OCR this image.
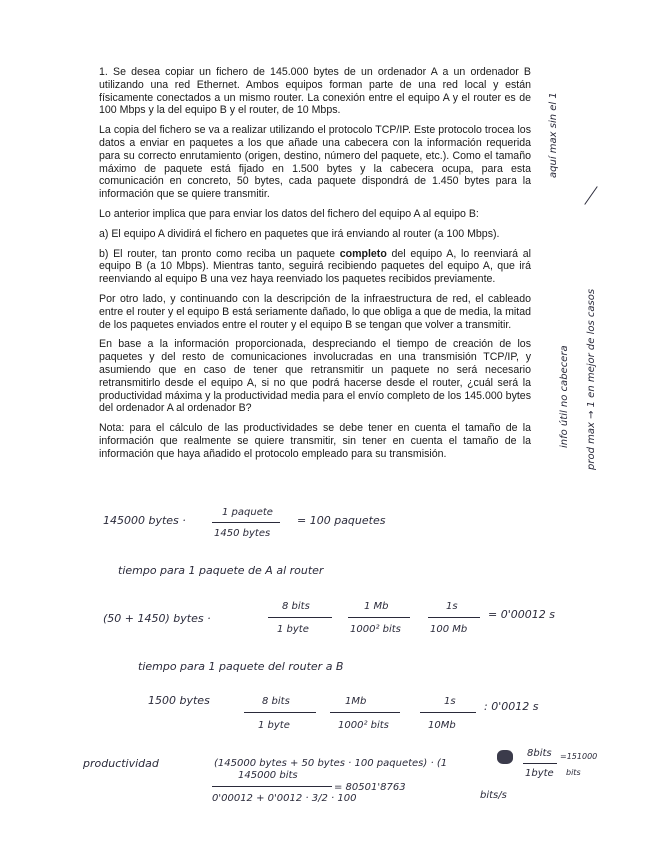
1. Se desea copiar un fichero de 145.000 bytes de un ordenador A a un ordenador B utilizando una red Ethernet. Ambos equipos forman parte de una red local y están físicamente conectados a un mismo router. La conexión entre el equipo A y el router es de 100 Mbps y la del equipo B y el router, de 10 Mbps.

La copia del fichero se va a realizar utilizando el protocolo TCP/IP. Este protocolo trocea los datos a enviar en paquetes a los que añade una cabecera con la información requerida para su correcto enrutamiento (origen, destino, número del paquete, etc.). Como el tamaño máximo de paquete está fijado en 1.500 bytes y la cabecera ocupa, para esta comunicación en concreto, 50 bytes, cada paquete dispondrá de 1.450 bytes para la información que se quiere transmitir.

Lo anterior implica que para enviar los datos del fichero del equipo A al equipo B:

a) El equipo A dividirá el fichero en paquetes que irá enviando al router (a 100 Mbps).

b) El router, tan pronto como reciba un paquete completo del equipo A, lo reenviará al equipo B (a 10 Mbps). Mientras tanto, seguirá recibiendo paquetes del equipo A, que irá reenviando al equipo B una vez haya reenviado los paquetes recibidos previamente.

Por otro lado, y continuando con la descripción de la infraestructura de red, el cableado entre el router y el equipo B está seriamente dañado, lo que obliga a que de media, la mitad de los paquetes enviados entre el router y el equipo B se tengan que volver a transmitir.

En base a la información proporcionada, despreciando el tiempo de creación de los paquetes y del resto de comunicaciones involucradas en una transmisión TCP/IP, y asumiendo que en caso de tener que retransmitir un paquete no será necesario retransmitirlo desde el equipo A, si no que podrá hacerse desde el router, ¿cuál será la productividad máxima y la productividad media para el envío completo de los 145.000 bytes del ordenador A al ordenador B?

Nota: para el cálculo de las productividades se debe tener en cuenta el tamaño de la información que realmente se quiere transmitir, sin tener en cuenta el tamaño de la información que haya añadido el protocolo empleado para su transmisión.

aquí max sin el 1
info útil no cabecera prod max → 1 en mejor de los casos
145000 bytes ·
1 paquete
1450 bytes
= 100 paquetes
tiempo para 1 paquete de A al router
(50 + 1450) bytes ·
8 bits
1 byte
1 Mb
1000² bits
1s
100 Mb
= 0'00012 s
tiempo para 1 paquete del router a B
1500 bytes	8 bits
1 byte
1Mb
1000² bits
1s
10Mb
: 0'0012 s
productividad	(145000 bytes + 50 bytes · 100 paquetes) · (1
8bits
1byte
=151000
bits
145000 bits
0'00012 + 0'0012 · 3/2 · 100
= 80501'8763
bits/s
